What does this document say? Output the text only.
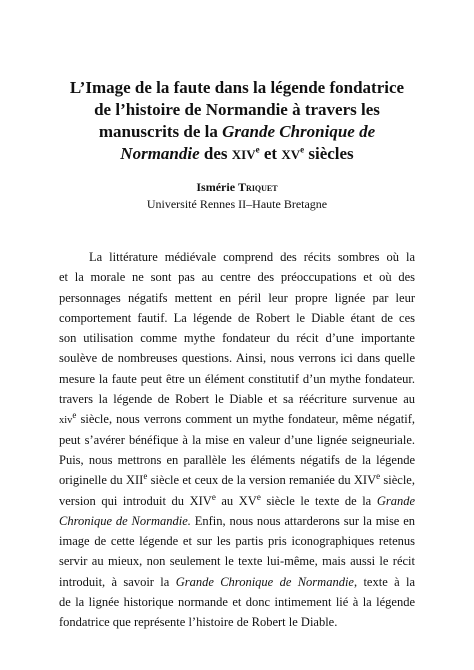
L’Image de la faute dans la légende fondatrice
de l’histoire de Normandie à travers les
manuscrits de la Grande Chronique de
Normandie des XIVe et XVe siècles
Ismérie Triquet
Université Rennes II–Haute Bretagne
La littérature médiévale comprend des récits sombres où la
et la morale ne sont pas au centre des préoccupations et où des
personnages négatifs mettent en péril leur propre lignée par leur
comportement fautif. La légende de Robert le Diable étant de ces
son utilisation comme mythe fondateur du récit d’une importante
soulève de nombreuses questions. Ainsi, nous verrons ici dans quelle
mesure la faute peut être un élément constitutif d’un mythe fondateur.
travers la légende de Robert le Diable et sa réécriture survenue au
xiv$^e$ siècle, nous verrons comment un mythe fondateur, même négatif,
peut s’avérer bénéfique à la mise en valeur d’une lignée seigneuriale.
Puis, nous mettrons en parallèle les éléments négatifs de la légende
originelle du XIIe siècle et ceux de la version remaniée du XIVe siècle,
version qui introduit du XIVe au XVe siècle le texte de la Grande
Chronique de Normandie. Enfin, nous nous attarderons sur la mise en
image de cette légende et sur les partis pris iconographiques retenus
servir au mieux, non seulement le texte lui-même, mais aussi le récit
introduit, à savoir la Grande Chronique de Normandie, texte à la
de la lignée historique normande et donc intimement lié à la légende
fondatrice que représente l’histoire de Robert le Diable.
